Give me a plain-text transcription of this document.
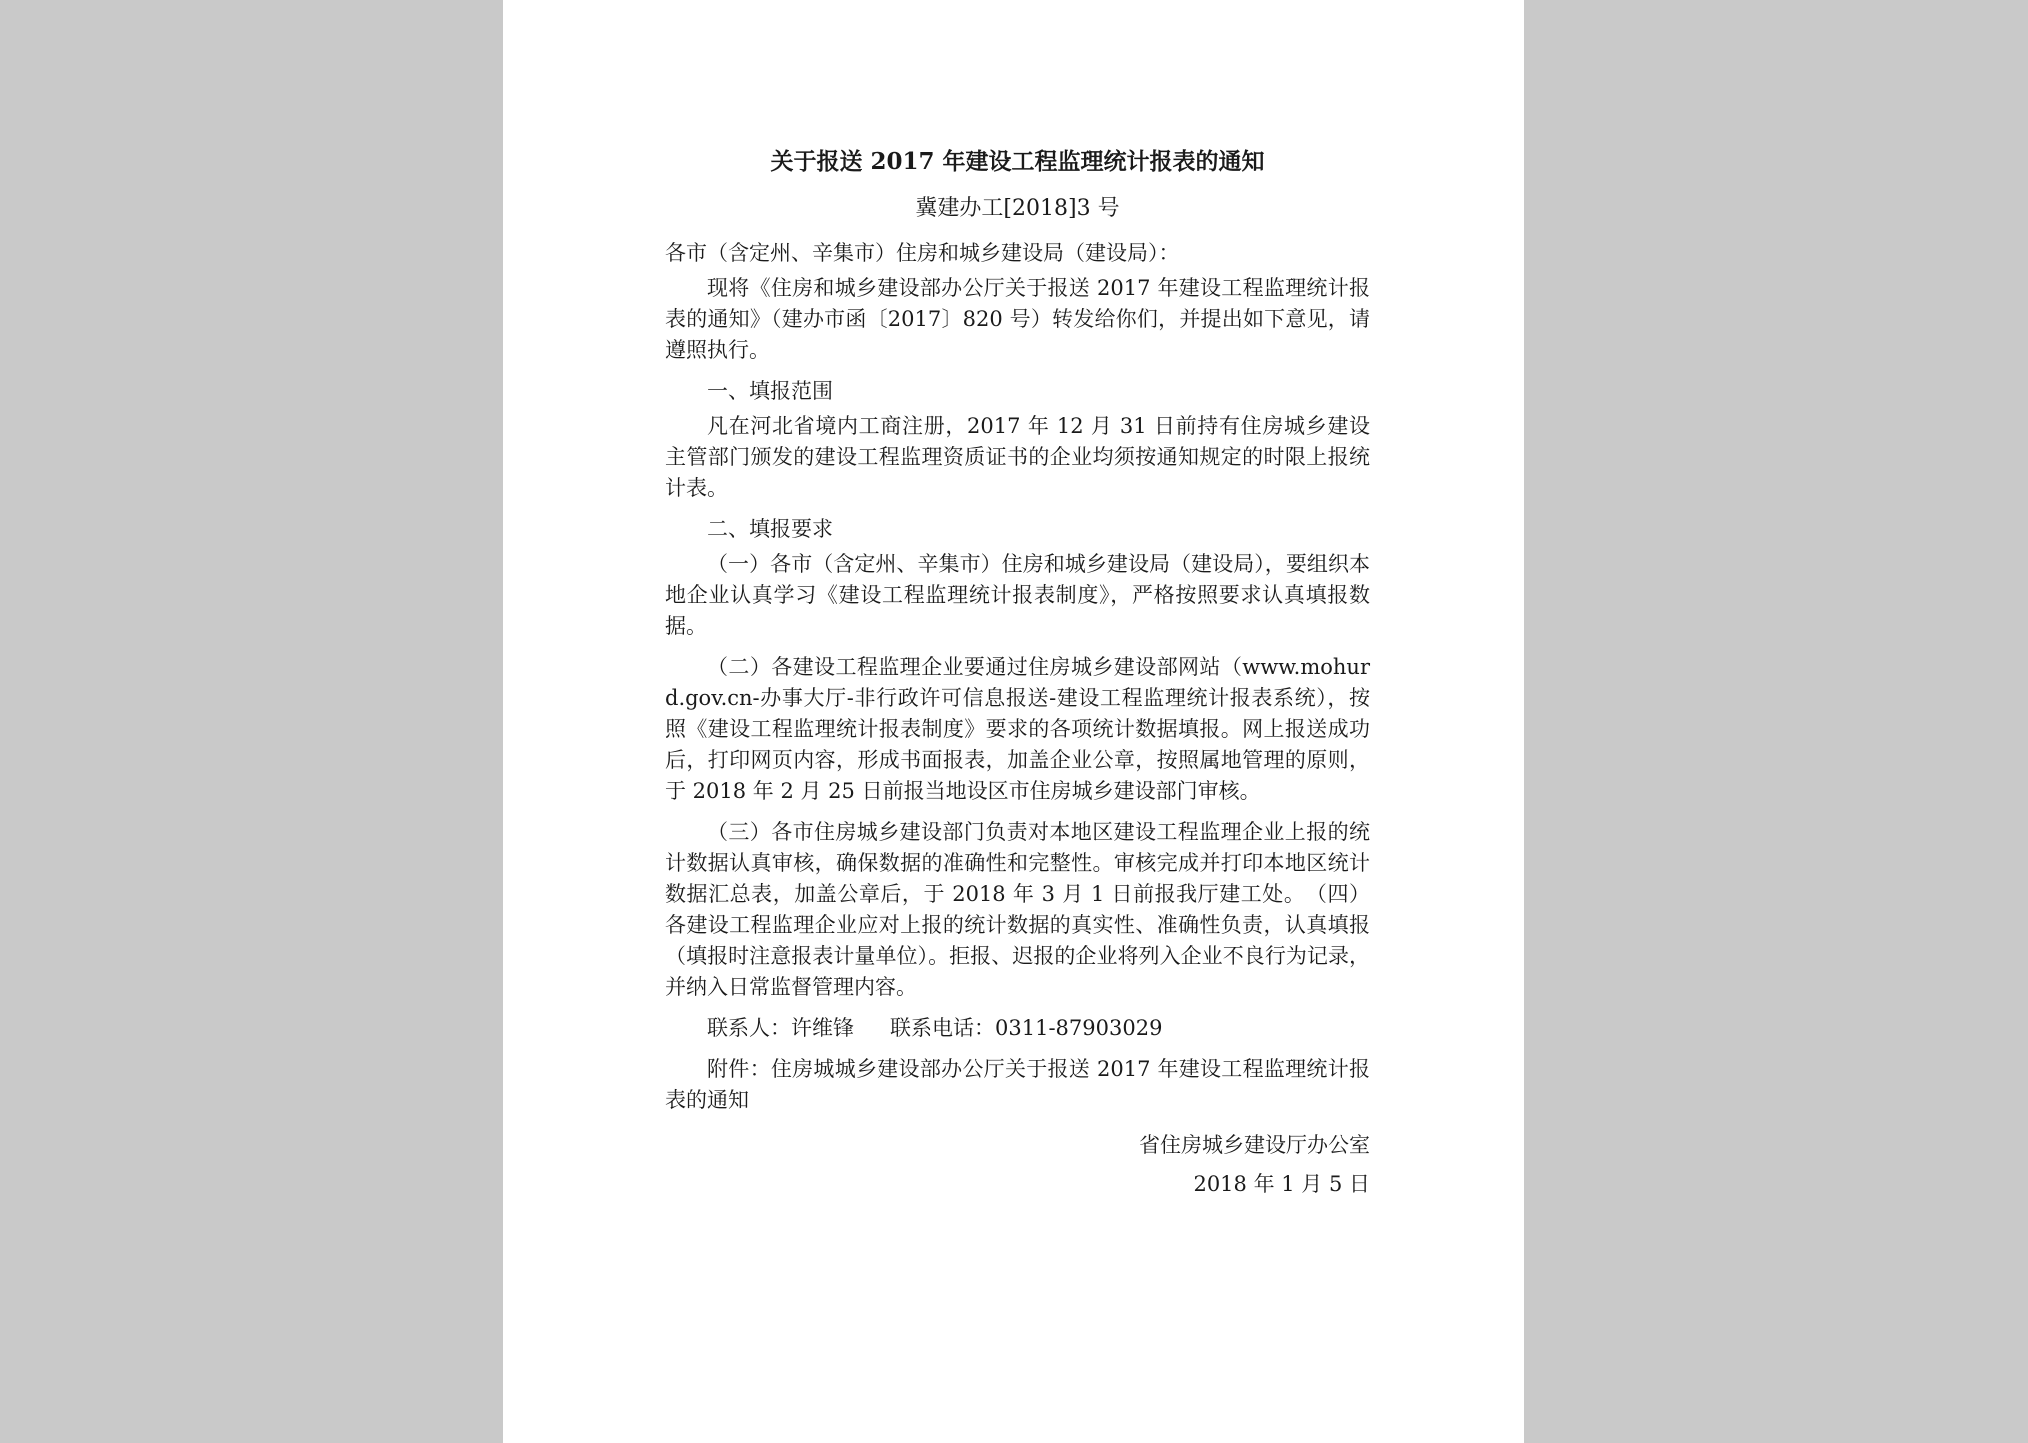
关于报送 2017 年建设工程监理统计报表的通知
冀建办工[2018]3 号

各市（含定州、辛集市）住房和城乡建设局（建设局）：

现将《住房和城乡建设部办公厅关于报送 2017 年建设工程监理统计报表的通知》（建办市函〔2017〕820 号）转发给你们，并提出如下意见，请遵照执行。

一、填报范围

凡在河北省境内工商注册，2017 年 12 月 31 日前持有住房城乡建设主管部门颁发的建设工程监理资质证书的企业均须按通知规定的时限上报统计表。

二、填报要求

（一）各市（含定州、辛集市）住房和城乡建设局（建设局），要组织本地企业认真学习《建设工程监理统计报表制度》，严格按照要求认真填报数据。

（二）各建设工程监理企业要通过住房城乡建设部网站（www.mohurd.gov.cn-办事大厅-非行政许可信息报送-建设工程监理统计报表系统），按照《建设工程监理统计报表制度》要求的各项统计数据填报。网上报送成功后，打印网页内容，形成书面报表，加盖企业公章，按照属地管理的原则，于 2018 年 2 月 25 日前报当地设区市住房城乡建设部门审核。

（三）各市住房城乡建设部门负责对本地区建设工程监理企业上报的统计数据认真审核，确保数据的准确性和完整性。审核完成并打印本地区统计数据汇总表，加盖公章后，于 2018 年 3 月 1 日前报我厅建工处。　（四）各建设工程监理企业应对上报的统计数据的真实性、准确性负责，认真填报（填报时注意报表计量单位）。拒报、迟报的企业将列入企业不良行为记录，并纳入日常监督管理内容。

联系人：许维锋 联系电话：0311-87903029

附件：住房城城乡建设部办公厅关于报送 2017 年建设工程监理统计报表的通知

省住房城乡建设厅办公室

2018 年 1 月 5 日
